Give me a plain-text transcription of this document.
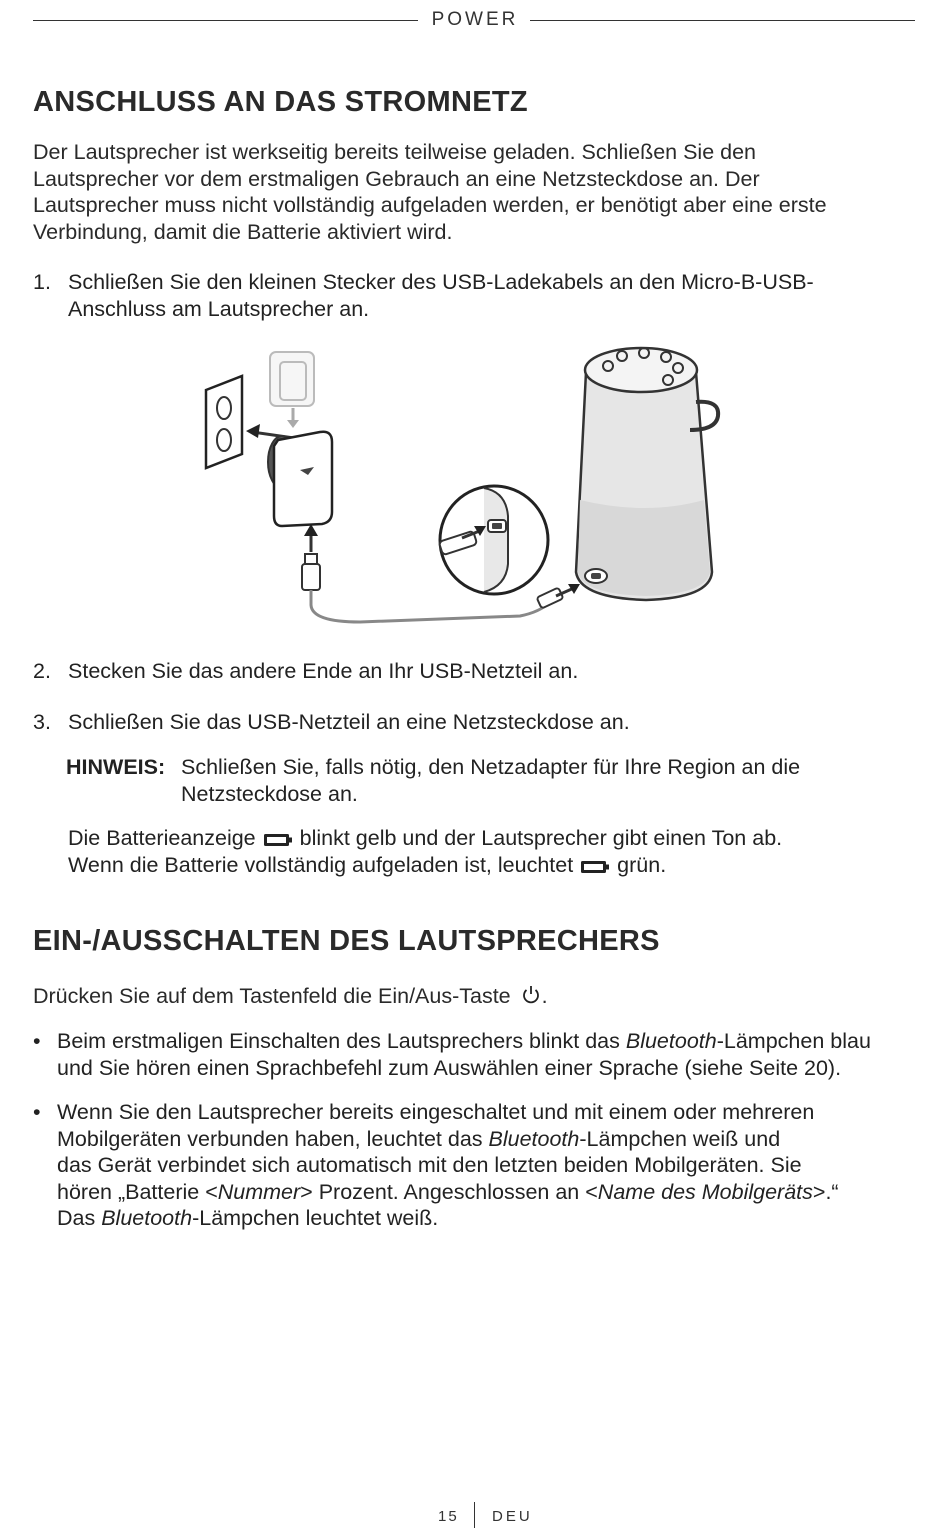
POWER
ANSCHLUSS AN DAS STROMNETZ
Der Lautsprecher ist werkseitig bereits teilweise geladen. Schließen Sie den
Lautsprecher vor dem erstmaligen Gebrauch an eine Netzsteckdose an. Der
Lautsprecher muss nicht vollständig aufgeladen werden, er benötigt aber eine erste
Verbindung, damit die Batterie aktiviert wird.
1. Schließen Sie den kleinen Stecker des USB-Ladekabels an den Micro-B-USB-
Anschluss am Lautsprecher an.
2. Stecken Sie das andere Ende an Ihr USB-Netzteil an.
3. Schließen Sie das USB-Netzteil an eine Netzsteckdose an.
HINWEIS: Schließen Sie, falls nötig, den Netzadapter für Ihre Region an die
Netzsteckdose an.
Die Batterieanzeige blinkt gelb und der Lautsprecher gibt einen Ton ab.
Wenn die Batterie vollständig aufgeladen ist, leuchtet grün.
EIN-/AUSSCHALTEN DES LAUTSPRECHERS
Drücken Sie auf dem Tastenfeld die Ein/Aus-Taste .
• Beim erstmaligen Einschalten des Lautsprechers blinkt das Bluetooth-Lämpchen blau
und Sie hören einen Sprachbefehl zum Auswählen einer Sprache (siehe Seite 20).
• Wenn Sie den Lautsprecher bereits eingeschaltet und mit einem oder mehreren
Mobilgeräten verbunden haben, leuchtet das Bluetooth-Lämpchen weiß und
das Gerät verbindet sich automatisch mit den letzten beiden Mobilgeräten. Sie
hören „Batterie <Nummer> Prozent. Angeschlossen an <Name des Mobilgeräts>.“
Das Bluetooth-Lämpchen leuchtet weiß.
15 DEU
